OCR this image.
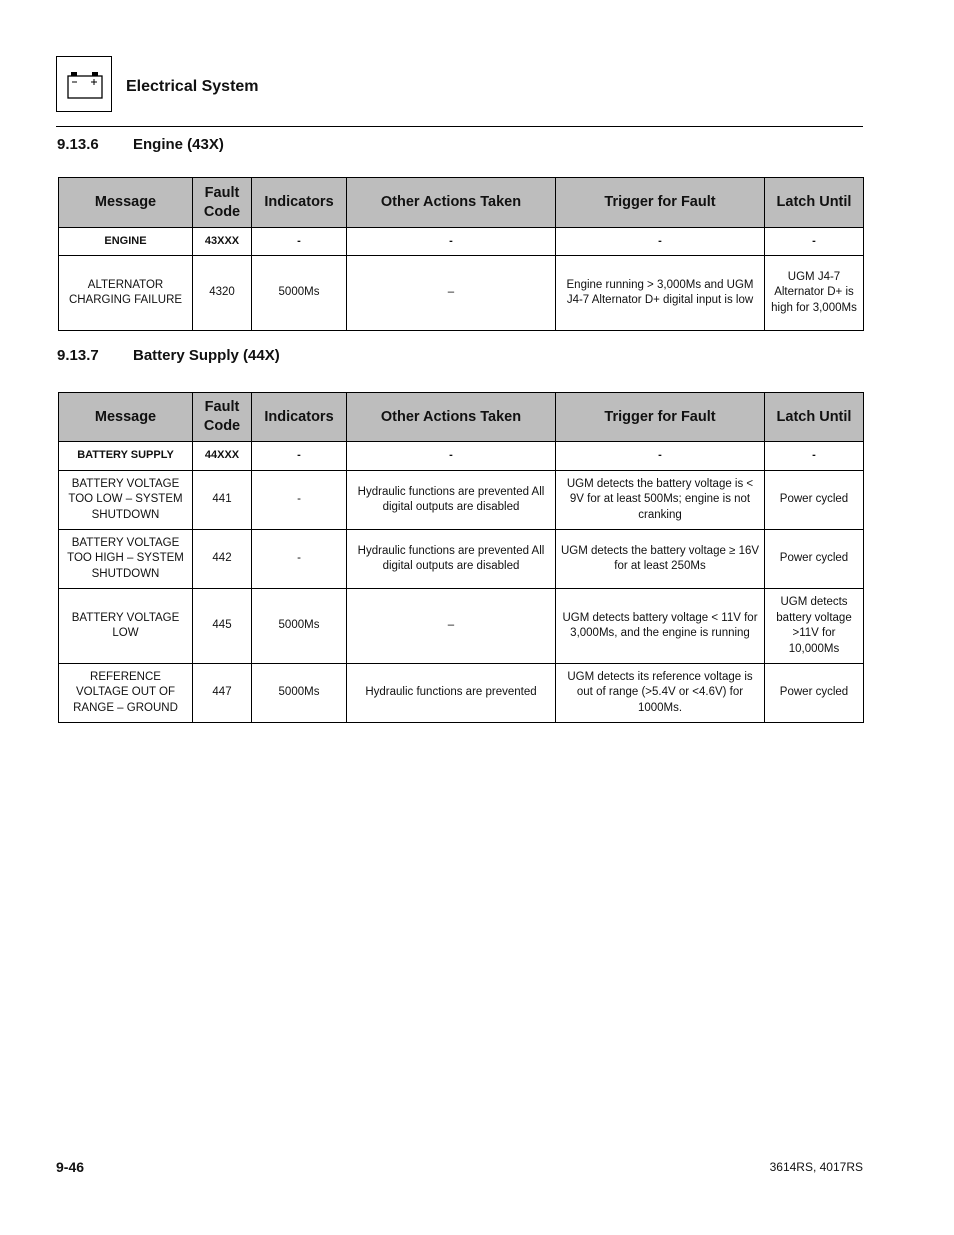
Electrical System
9.13.6 Engine (43X)
Message	Fault Code	Indicators	Other Actions Taken	Trigger for Fault	Latch Until
ENGINE	43XXX	-	-	-	-
ALTERNATOR CHARGING FAILURE	4320	5000Ms	–	Engine running > 3,000Ms and UGM J4-7 Alternator D+ digital input is low	UGM J4-7 Alternator D+ is high for 3,000Ms
9.13.7 Battery Supply (44X)
Message	Fault Code	Indicators	Other Actions Taken	Trigger for Fault	Latch Until
BATTERY SUPPLY	44XXX	-	-	-	-
BATTERY VOLTAGE TOO LOW – SYSTEM SHUTDOWN	441	-	Hydraulic functions are prevented All digital outputs are disabled	UGM detects the battery voltage is < 9V for at least 500Ms; engine is not cranking	Power cycled
BATTERY VOLTAGE TOO HIGH – SYSTEM SHUTDOWN	442	-	Hydraulic functions are prevented All digital outputs are disabled	UGM detects the battery voltage ≥ 16V for at least 250Ms	Power cycled
BATTERY VOLTAGE LOW	445	5000Ms	–	UGM detects battery voltage < 11V for 3,000Ms, and the engine is running	UGM detects battery voltage >11V for 10,000Ms
REFERENCE VOLTAGE OUT OF RANGE – GROUND	447	5000Ms	Hydraulic functions are prevented	UGM detects its reference voltage is out of range (>5.4V or <4.6V) for 1000Ms.	Power cycled
9-46	3614RS, 4017RS
